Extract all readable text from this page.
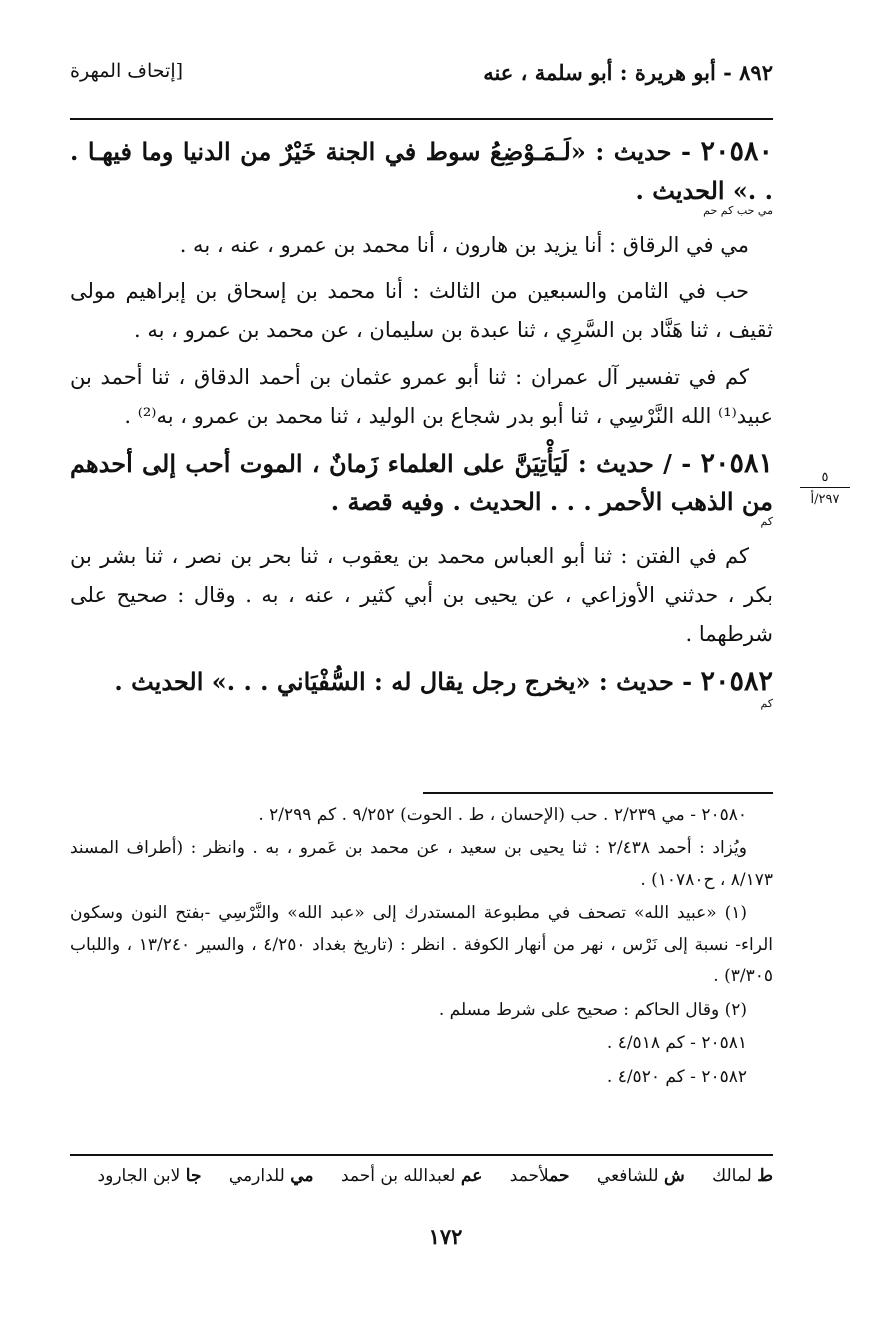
٨٩٢ - أبو هريرة : أبو سلمة ، عنه
[إتحاف المهرة
٢٠٥٨٠ - حديث : «لَـمَـوْضِعُ سوط في الجنة خَيْرٌ من الدنيا وما فيهـا . . .» الحديث .
مي حب كم حم

مي في الرقاق : أنا يزيد بن هارون ، أنا محمد بن عمرو ، عنه ، به .

حب في الثامن والسبعين من الثالث : أنا محمد بن إسحاق بن إبراهيم مولى ثقيف ، ثنا هَنَّاد بن السَّرِي ، ثنا عبدة بن سليمان ، عن محمد بن عمرو ، به .

كم في تفسير آل عمران : ثنا أبو عمرو عثمان بن أحمد الدقاق ، ثنا أحمد بن عبيد⁽¹⁾ الله النَّرْسِي ، ثنا أبو بدر شجاع بن الوليد ، ثنا محمد بن عمرو ، به⁽²⁾ .

٢٠٥٨١ - / حديث : لَيَأْتِيَنَّ على العلماء زَمانٌ ، الموت أحب إلى أحدهم من الذهب الأحمر . . . الحديث . وفيه قصة .
كم

كم في الفتن : ثنا أبو العباس محمد بن يعقوب ، ثنا بحر بن نصر ، ثنا بشر بن بكر ، حدثني الأوزاعي ، عن يحيى بن أبي كثير ، عنه ، به . وقال : صحيح على شرطهما .

٢٠٥٨٢ - حديث : «يخرج رجل يقال له : السُّفْيَاني . . .» الحديث .
كم
٥
٢٩٧/أ

٢٠٥٨٠ - مي ٢/٢٣٩ . حب (الإحسان ، ط . الحوت) ٩/٢٥٢ . كم ٢/٢٩٩ .

ويُزاد : أحمد ٢/٤٣٨ : ثنا يحيى بن سعيد ، عن محمد بن عَمرو ، به . وانظر : (أطراف المسند ٨/١٧٣ ، ح١٠٧٨٠) .

(١) «عبيد الله» تصحف في مطبوعة المستدرك إلى «عبد الله» والنَّرْسِي -بفتح النون وسكون الراء- نسبة إلى نَرْس ، نهر من أنهار الكوفة . انظر : (تاريخ بغداد ٤/٢٥٠ ، والسير ١٣/٢٤٠ ، واللباب ٣/٣٠٥) .

(٢) وقال الحاكم : صحيح على شرط مسلم .

٢٠٥٨١ - كم ٤/٥١٨ .

٢٠٥٨٢ - كم ٤/٥٢٠ .

ط لمالك ش للشافعي حملأحمد عم لعبدالله بن أحمد مي للدارمي جا لابن الجارود
١٧٢
